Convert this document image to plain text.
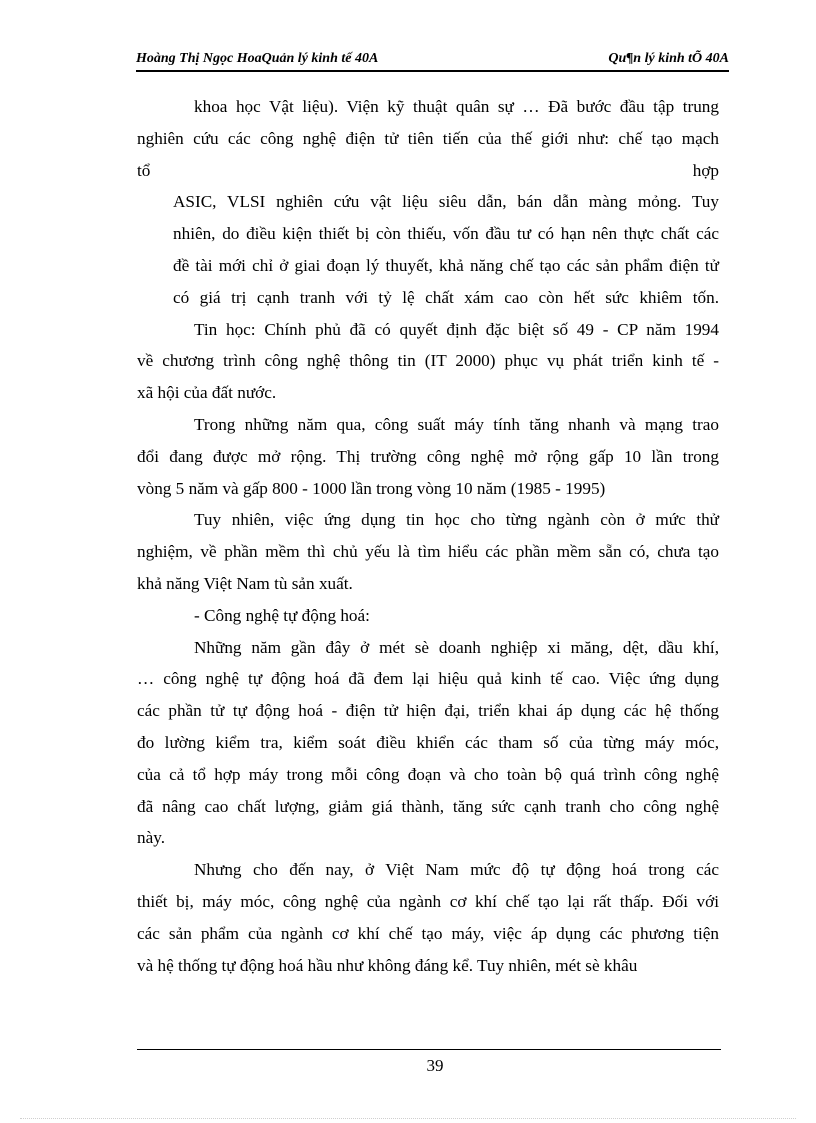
Hoàng Thị Ngọc HoaQuản lý kinh tế 40A	Qu¶n lý kinh tÕ 40A
khoa học Vật liệu). Viện kỹ thuật quân sự … Đã bước đầu tập trung
nghiên cứu các công nghệ điện tử tiên tiến của thế giới như: chế tạo mạch
tổ	hợp
ASIC, VLSI nghiên cứu vật liệu siêu dẫn, bán dẫn màng mỏng. Tuy
nhiên, do điều kiện thiết bị còn thiếu, vốn đầu tư có hạn nên thực chất các
đề tài mới chỉ ở giai đoạn lý thuyết, khả năng chế tạo các sản phẩm điện tử
có giá trị cạnh tranh với tỷ lệ chất xám cao còn hết sức khiêm tốn.
Tin học: Chính phủ đã có quyết định đặc biệt số 49 - CP năm 1994
về chương trình công nghệ thông tin (IT 2000) phục vụ phát triển kinh tế -
xã hội của đất nước.
Trong những năm qua, công suất máy tính tăng nhanh và mạng trao
đổi đang được mở rộng. Thị trường công nghệ mở rộng gấp 10 lần trong
vòng 5 năm và gấp 800 - 1000 lần trong vòng 10 năm (1985 - 1995)
Tuy nhiên, việc ứng dụng tin học cho từng ngành còn ở mức thử
nghiệm, về phần mềm thì chủ yếu là tìm hiểu các phần mềm sẵn có, chưa tạo
khả năng Việt Nam tù sản xuất.
- Công nghệ tự động hoá:
Những năm gần đây ở mét sè doanh nghiệp xi măng, dệt, dầu khí,
… công nghệ tự động hoá đã đem lại hiệu quả kinh tế cao. Việc ứng dụng
các phần tử tự động hoá - điện tử hiện đại, triển khai áp dụng các hệ thống
đo lường kiểm tra, kiểm soát điều khiển các tham số của từng máy móc,
của cả tổ hợp máy trong mỗi công đoạn và cho toàn bộ quá trình công nghệ
đã nâng cao chất lượng, giảm giá thành, tăng sức cạnh tranh cho công nghệ
này.
Nhưng cho đến nay, ở Việt Nam mức độ tự động hoá trong các
thiết bị, máy móc, công nghệ của ngành cơ khí chế tạo lại rất thấp. Đối với
các sản phẩm của ngành cơ khí chế tạo máy, việc áp dụng các phương tiện
và hệ thống tự động hoá hầu như không đáng kể. Tuy nhiên, mét sè khâu
39
